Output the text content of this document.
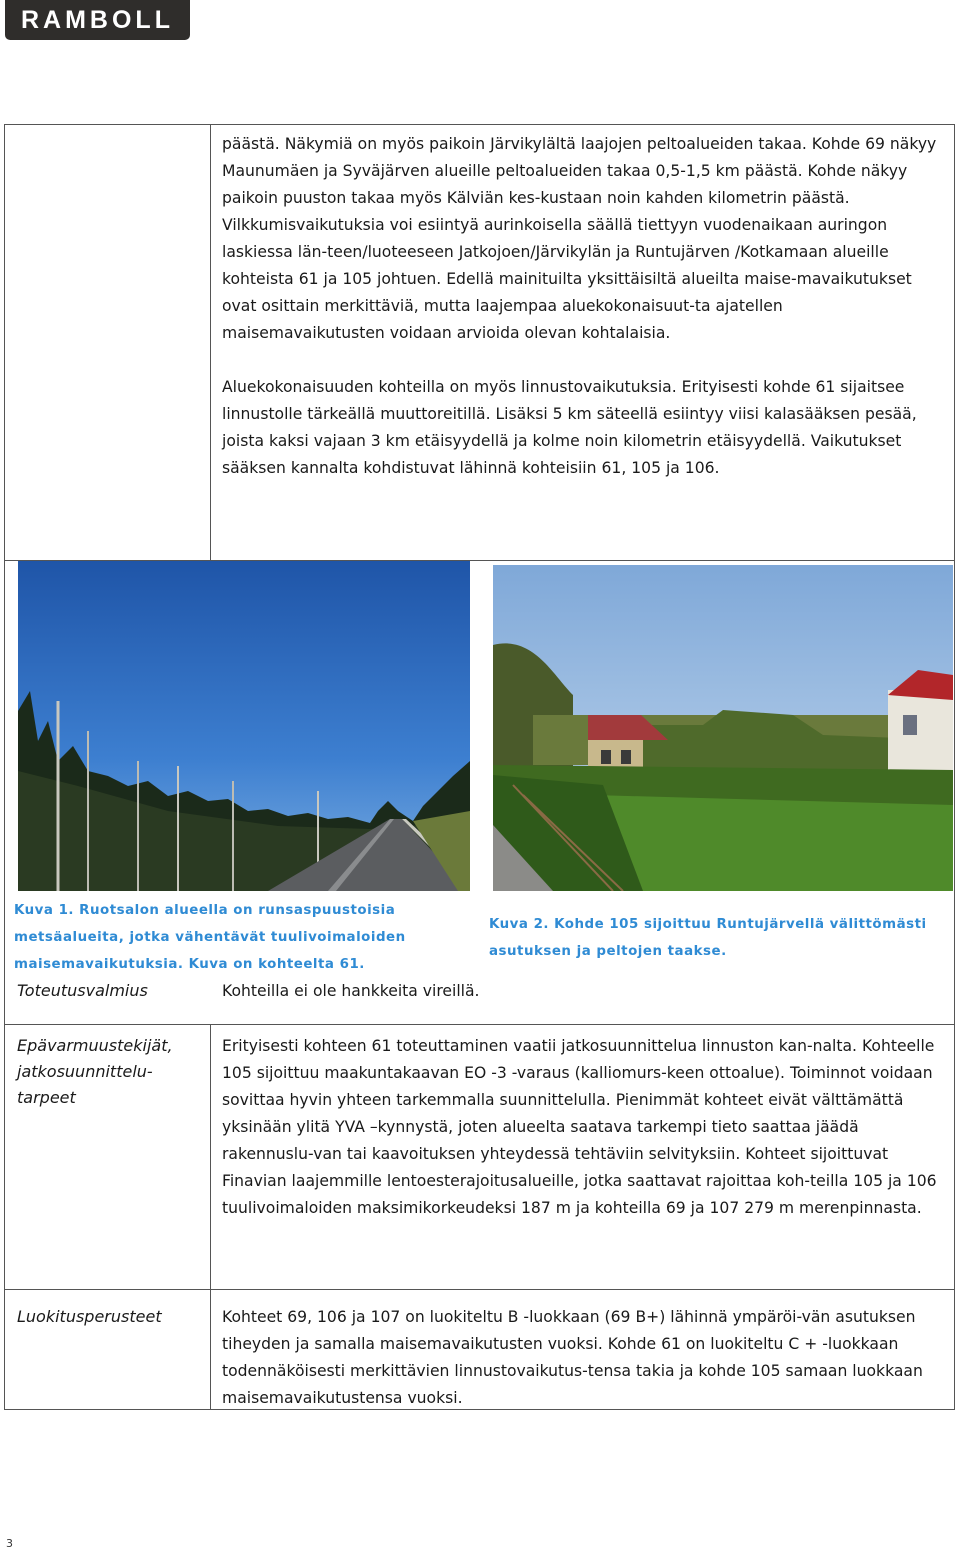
RAMBOLL

päästä. Näkymiä on myös paikoin Järvikylältä laajojen peltoalueiden takaa. Kohde 69 näkyy Maunumäen ja Syväjärven alueille peltoalueiden takaa 0,5-1,5 km päästä. Kohde näkyy paikoin puuston takaa myös Kälviän kes-kustaan noin kahden kilometrin päästä. Vilkkumisvaikutuksia voi esiintyä aurinkoisella säällä tiettyyn vuodenaikaan auringon laskiessa län-teen/luoteeseen Jatkojoen/Järvikylän ja Runtujärven /Kotkamaan alueille kohteista 61 ja 105 johtuen. Edellä mainituilta yksittäisiltä alueilta maise-mavaikutukset ovat osittain merkittäviä, mutta laajempaa aluekokonaisuut-ta ajatellen maisemavaikutusten voidaan arvioida olevan kohtalaisia.

Aluekokonaisuuden kohteilla on myös linnustovaikutuksia. Erityisesti kohde 61 sijaitsee linnustolle tärkeällä muuttoreitillä. Lisäksi 5 km säteellä esiintyy viisi kalasääksen pesää, joista kaksi vajaan 3 km etäisyydellä ja kolme noin kilometrin etäisyydellä. Vaikutukset sääksen kannalta kohdistuvat lähinnä kohteisiin 61, 105 ja 106.

Kuva 1. Ruotsalon alueella on runsaspuustoisia metsäalueita, jotka vähentävät tuulivoimaloiden maisemavaikutuksia. Kuva on kohteelta 61.
Kuva 2. Kohde 105 sijoittuu Runtujärvellä välittömästi asutuksen ja peltojen taakse.
Toteutusvalmius	Kohteilla ei ole hankkeita vireillä.
Epävarmuustekijät, jatkosuunnittelu-tarpeet
Erityisesti kohteen 61 toteuttaminen vaatii jatkosuunnittelua linnuston kan-nalta. Kohteelle 105 sijoittuu maakuntakaavan EO -3 -varaus (kalliomurs-keen ottoalue). Toiminnot voidaan sovittaa hyvin yhteen tarkemmalla suunnittelulla. Pienimmät kohteet eivät välttämättä yksinään ylitä YVA –kynnystä, joten alueelta saatava tarkempi tieto saattaa jäädä rakennuslu-van tai kaavoituksen yhteydessä tehtäviin selvityksiin. Kohteet sijoittuvat Finavian laajemmille lentoesterajoitusalueille, jotka saattavat rajoittaa koh-teilla 105 ja 106 tuulivoimaloiden maksimikorkeudeksi 187 m ja kohteilla 69 ja 107 279 m merenpinnasta.
Luokitusperusteet	Kohteet 69, 106 ja 107 on luokiteltu B -luokkaan (69 B+) lähinnä ympäröi-vän asutuksen tiheyden ja samalla maisemavaikutusten vuoksi. Kohde 61 on luokiteltu C + -luokkaan todennäköisesti merkittävien linnustovaikutus-tensa takia ja kohde 105 samaan luokkaan maisemavaikutustensa vuoksi.
3
